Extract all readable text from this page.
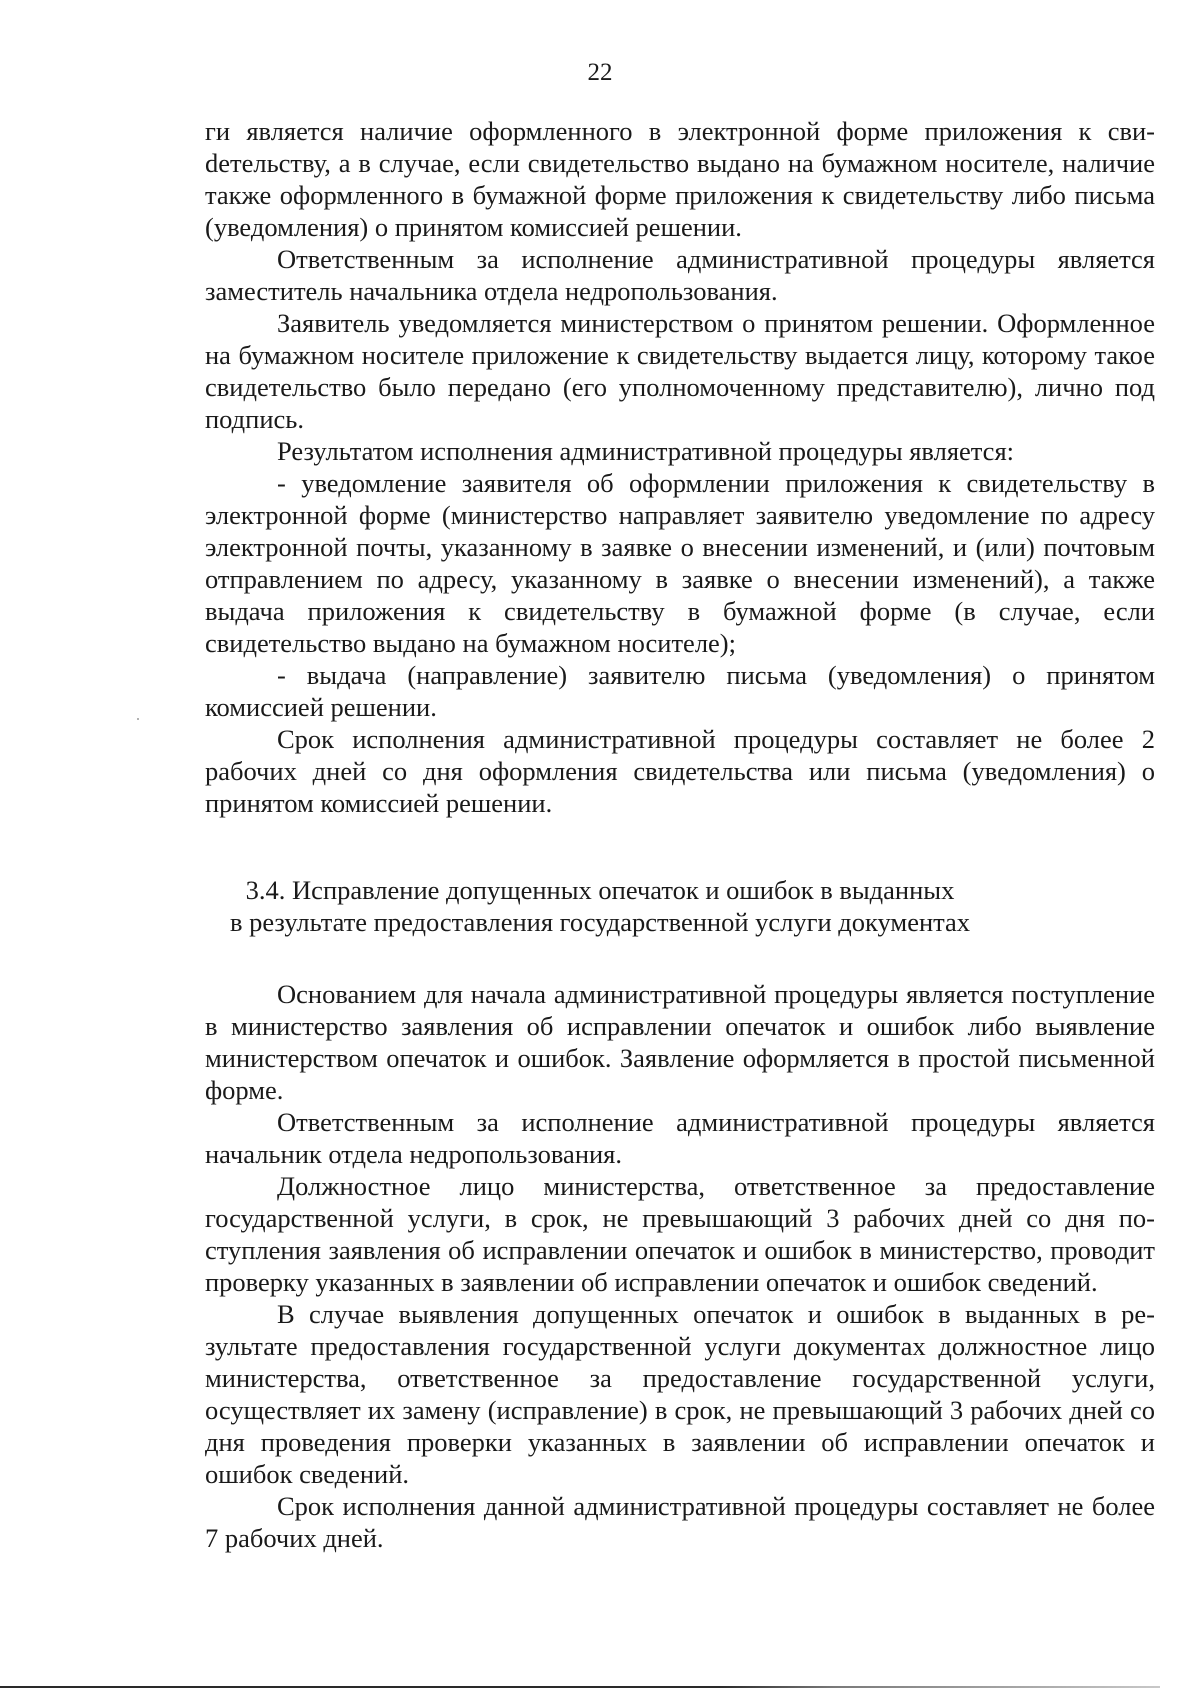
22

ги является наличие оформленного в электронной форме приложения к свиdетельству, а в случае, если свидетельство выдано на бумажном носителе, наличие также оформленного в бумажной форме приложения к свидетельству либо письма (уведомления) о принятом комиссией решении.

Ответственным за исполнение административной процедуры является заместитель начальника отдела недропользования.

Заявитель уведомляется министерством о принятом решении. Оформленное на бумажном носителе приложение к свидетельству выдается лицу, которому такое свидетельство было передано (его уполномоченному представителю), лично под подпись.

Результатом исполнения административной процедуры является:

- уведомление заявителя об оформлении приложения к свидетельству в электронной форме (министерство направляет заявителю уведомление по адресу электронной почты, указанному в заявке о внесении изменений, и (или) почтовым отправлением по адресу, указанному в заявке о внесении изменений), а также выдача приложения к свидетельству в бумажной форме (в случае, если свидетельство выдано на бумажном носителе);

- выдача (направление) заявителю письма (уведомления) о принятом комиссией решении.

Срок исполнения административной процедуры составляет не более 2 рабочих дней со дня оформления свидетельства или письма (уведомления) о принятом комиссией решении.

3.4. Исправление допущенных опечаток и ошибок в выданных
в результате предоставления государственной услуги документах

Основанием для начала административной процедуры является поступление в министерство заявления об исправлении опечаток и ошибок либо выявление министерством опечаток и ошибок. Заявление оформляется в простой письменной форме.

Ответственным за исполнение административной процедуры является начальник отдела недропользования.

Должностное лицо министерства, ответственное за предоставление государственной услуги, в срок, не превышающий 3 рабочих дней со дня поступления заявления об исправлении опечаток и ошибок в министерство, проводит проверку указанных в заявлении об исправлении опечаток и ошибок сведений.

В случае выявления допущенных опечаток и ошибок в выданных в результате предоставления государственной услуги документах должностное лицо министерства, ответственное за предоставление государственной услуги, осуществляет их замену (исправление) в срок, не превышающий 3 рабочих дней со дня проведения проверки указанных в заявлении об исправлении опечаток и ошибок сведений.

Срок исполнения данной административной процедуры составляет не более 7 рабочих дней.
